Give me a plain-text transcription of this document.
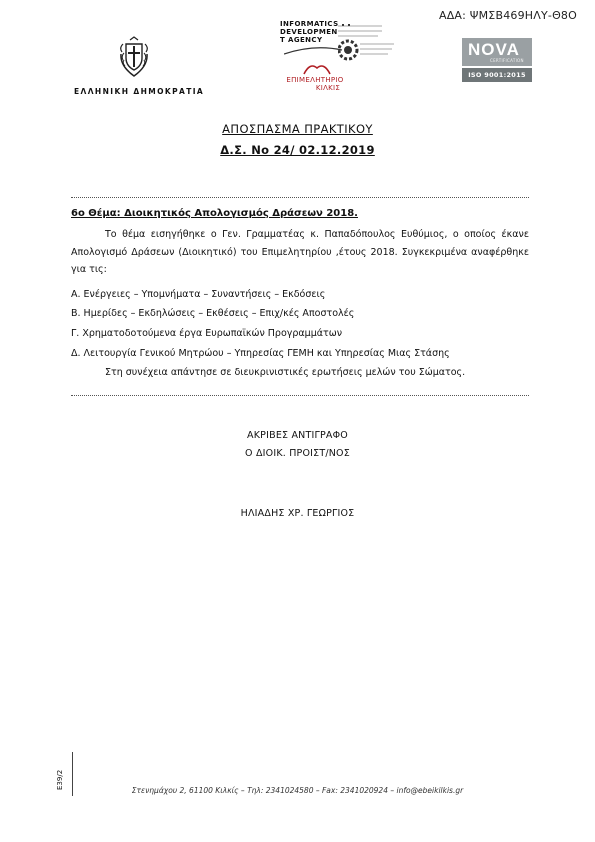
ΑΔΑ: ΨΜΣΒ469ΗΛΥ-Θ8Ο
ΕΛΛΗΝΙΚΗ ΔΗΜΟΚΡΑΤΙΑ
INFORMATICS
DEVELOPMEN
T AGENCY
ΕΠΙΜΕΛΗΤΗΡΙΟ
ΚΙΛΚΙΣ
NOVA
CERTIFICATION
ISO 9001:2015
ΑΠΟΣΠΑΣΜΑ ΠΡΑΚΤΙΚΟΥ
Δ.Σ. Νο 24/ 02.12.2019
6ο Θέμα: Διοικητικός Απολογισμός Δράσεων 2018.
Το θέμα εισηγήθηκε ο Γεν. Γραμματέας κ. Παπαδόπουλος Ευθύμιος, ο οποίος έκανε Απολογισμό Δράσεων (Διοικητικό) του Επιμελητηρίου ,έτους 2018. Συγκεκριμένα αναφέρθηκε για τις:
Α. Ενέργειες – Υπομνήματα – Συναντήσεις – Εκδόσεις
Β. Ημερίδες – Εκδηλώσεις – Εκθέσεις – Επιχ/κές Αποστολές
Γ. Χρηματοδοτούμενα έργα Ευρωπαϊκών Προγραμμάτων
Δ. Λειτουργία Γενικού Μητρώου – Υπηρεσίας ΓΕΜΗ και Υπηρεσίας Μιας Στάσης
Στη συνέχεια απάντησε σε διευκρινιστικές ερωτήσεις μελών του Σώματος.
ΑΚΡΙΒΕΣ ΑΝΤΙΓΡΑΦΟ
Ο ΔΙΟΙΚ. ΠΡΟΙΣΤ/ΝΟΣ
ΗΛΙΑΔΗΣ ΧΡ. ΓΕΩΡΓΙΟΣ
Ε39/2
Στενημάχου 2, 61100 Κιλκίς – Τηλ: 2341024580 – Fax: 2341020924 – info@ebeikilkis.gr
